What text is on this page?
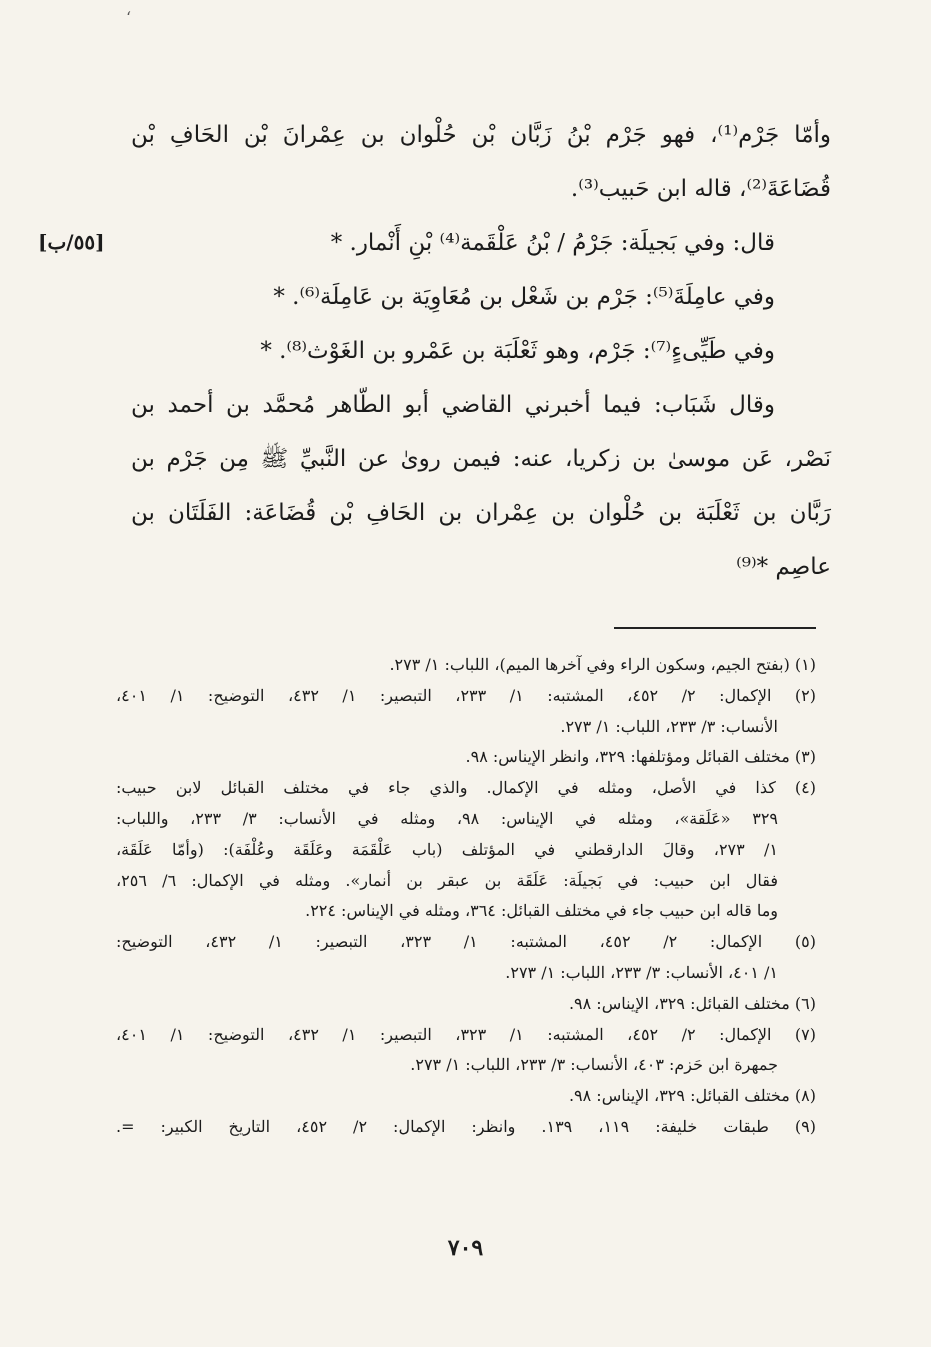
‘
[٥٥/ب]
وأمّا جَرْم⁽¹⁾، فهو جَرْم بْنُ زَبَّان بْن حُلْوان بن عِمْرانَ بْن الحَافِ بْن
قُضَاعَةَ⁽²⁾، قاله ابن حَبيب⁽³⁾.
قال: وفي بَجيلَة: جَرْمُ / بْنُ عَلْقَمة⁽⁴⁾ بْنِ أَنْمار. *
وفي عامِلَةَ⁽⁵⁾: جَرْم بن شَعْل بن مُعَاوِيَة بن عَامِلَة⁽⁶⁾. *
وفي طَيِّىءٍ⁽⁷⁾: جَرْم، وهو ثَعْلَبَة بن عَمْرو بن الغَوْث⁽⁸⁾. *
وقال شَبَاب: فيما أخبرني القاضي أبو الطّاهر مُحمَّد بن أحمد بن
نَصْر، عَن موسىٰ بن زكريا، عنه: فيمن روىٰ عن النَّبيِّ ﷺ مِن جَرْم بن
رَبَّان بن ثَعْلَبَة بن حُلْوان بن عِمْران بن الحَافِ بْن قُضَاعَة: الفَلَتَان بن
عاصِم *⁽⁹⁾
(١) (بفتح الجيم، وسكون الراء وفي آخرها الميم)، اللباب: ١/ ٢٧٣.
(٢) الإكمال: ٢/ ٤٥٢، المشتبه: ١/ ٢٣٣، التبصير: ١/ ٤٣٢، التوضيح: ١/ ٤٠١،
الأنساب: ٣/ ٢٣٣، اللباب: ١/ ٢٧٣.
(٣) مختلف القبائل ومؤتلفها: ٣٢٩، وانظر الإيناس: ٩٨.
(٤) كذا في الأصل، ومثله في الإكمال. والذي جاء في مختلف القبائل لابن حبيب:
٣٢٩ «عَلَقة»، ومثله في الإيناس: ٩٨، ومثله في الأنساب: ٣/ ٢٣٣، واللباب:
١/ ٢٧٣، وقالَ الدارقطني في المؤتلف (باب عَلْقَمَة وعَلَقَة وعُلْفَة): (وأمّا عَلَقَة،
فقال ابن حبيب: في بَجيلَة: عَلَقَة بن عبقر بن أنمار». ومثله في الإكمال: ٦/ ٢٥٦،
وما قاله ابن حبيب جاء في مختلف القبائل: ٣٦٤، ومثله في الإيناس: ٢٢٤.
(٥) الإكمال: ٢/ ٤٥٢، المشتبه: ١/ ٣٢٣، التبصير: ١/ ٤٣٢، التوضيح:
١/ ٤٠١، الأنساب: ٣/ ٢٣٣، اللباب: ١/ ٢٧٣.
(٦) مختلف القبائل: ٣٢٩، الإيناس: ٩٨.
(٧) الإكمال: ٢/ ٤٥٢، المشتبه: ١/ ٣٢٣، التبصير: ١/ ٤٣٢، التوضيح: ١/ ٤٠١،
جمهرة ابن حَزم: ٤٠٣، الأنساب: ٣/ ٢٣٣، اللباب: ١/ ٢٧٣.
(٨) مختلف القبائل: ٣٢٩، الإيناس: ٩٨.
(٩) طبقات خليفة: ١١٩، ١٣٩. وانظر: الإكمال: ٢/ ٤٥٢، التاريخ الكبير: =.
٧٠٩
